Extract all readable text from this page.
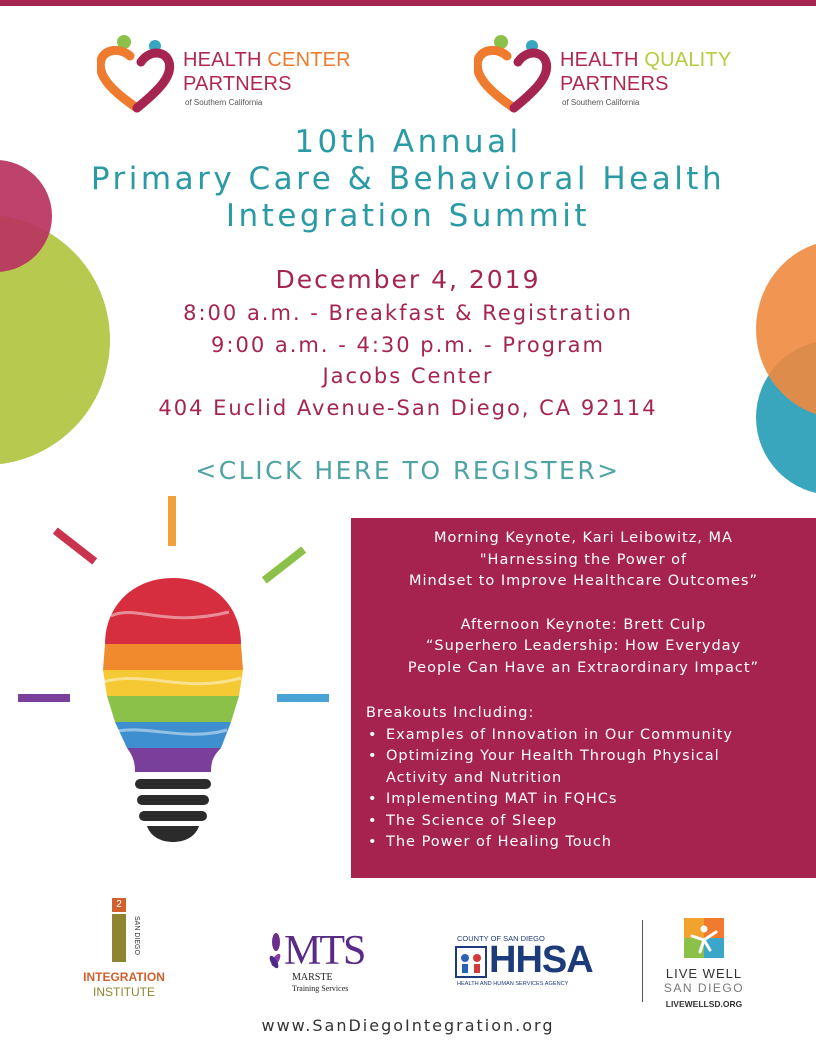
HEALTH CENTER
PARTNERS
of Southern California
HEALTH QUALITY
PARTNERS
of Southern California
10th Annual
Primary Care & Behavioral Health
Integration Summit
December 4, 2019
8:00 a.m. - Breakfast & Registration
9:00 a.m. - 4:30 p.m. - Program
Jacobs Center
404 Euclid Avenue-San Diego, CA 92114
<CLICK HERE TO REGISTER>
Morning Keynote, Kari Leibowitz, MA
"Harnessing the Power of
Mindset to Improve Healthcare Outcomes”
Afternoon Keynote: Brett Culp
“Superhero Leadership: How Everyday
People Can Have an Extraordinary Impact”
Breakouts Including:
• Examples of Innovation in Our Community
• Optimizing Your Health Through Physical Activity and Nutrition
• Implementing MAT in FQHCs
• The Science of Sleep
• The Power of Healing Touch
2
SAN DIEGO
INTEGRATION
INSTITUTE
MTS
MARSTE
Training Services
COUNTY OF SAN DIEGO
HHSA
HEALTH AND HUMAN SERVICES AGENCY
LIVE WELL
SAN DIEGO
LIVEWELLSD.ORG
www.SanDiegoIntegration.org
